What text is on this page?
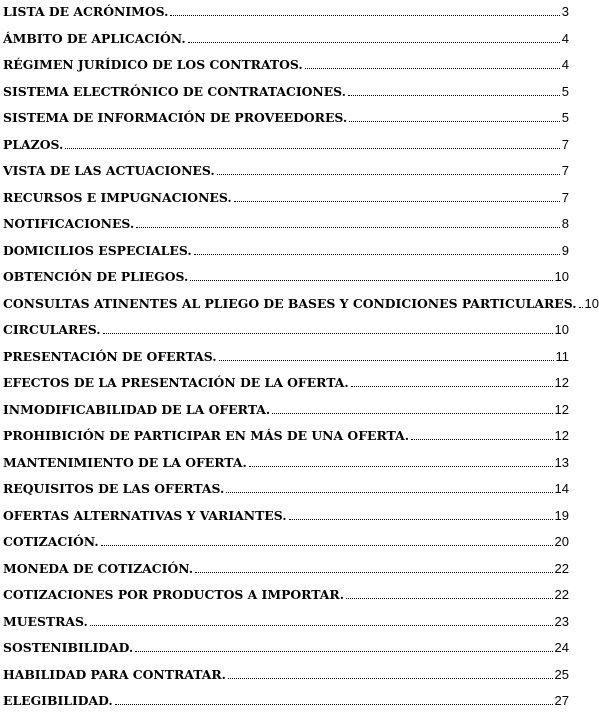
LISTA DE ACRÓNIMOS.	3
ÁMBITO DE APLICACIÓN.	4
RÉGIMEN JURÍDICO DE LOS CONTRATOS.	4
SISTEMA ELECTRÓNICO DE CONTRATACIONES.	5
SISTEMA DE INFORMACIÓN DE PROVEEDORES.	5
PLAZOS.	7
VISTA DE LAS ACTUACIONES.	7
RECURSOS E IMPUGNACIONES.	7
NOTIFICACIONES.	8
DOMICILIOS ESPECIALES.	9
OBTENCIÓN DE PLIEGOS.	10
CONSULTAS ATINENTES AL PLIEGO DE BASES Y CONDICIONES PARTICULARES. 10
CIRCULARES.	10
PRESENTACIÓN DE OFERTAS.	11
EFECTOS DE LA PRESENTACIÓN DE LA OFERTA.	12
INMODIFICABILIDAD DE LA OFERTA.	12
PROHIBICIÓN DE PARTICIPAR EN MÁS DE UNA OFERTA.	12
MANTENIMIENTO DE LA OFERTA.	13
REQUISITOS DE LAS OFERTAS.	14
OFERTAS ALTERNATIVAS Y VARIANTES.	19
COTIZACIÓN.	20
MONEDA DE COTIZACIÓN.	22
COTIZACIONES POR PRODUCTOS A IMPORTAR.	22
MUESTRAS.	23
SOSTENIBILIDAD.	24
HABILIDAD PARA CONTRATAR.	25
ELEGIBILIDAD.	27
